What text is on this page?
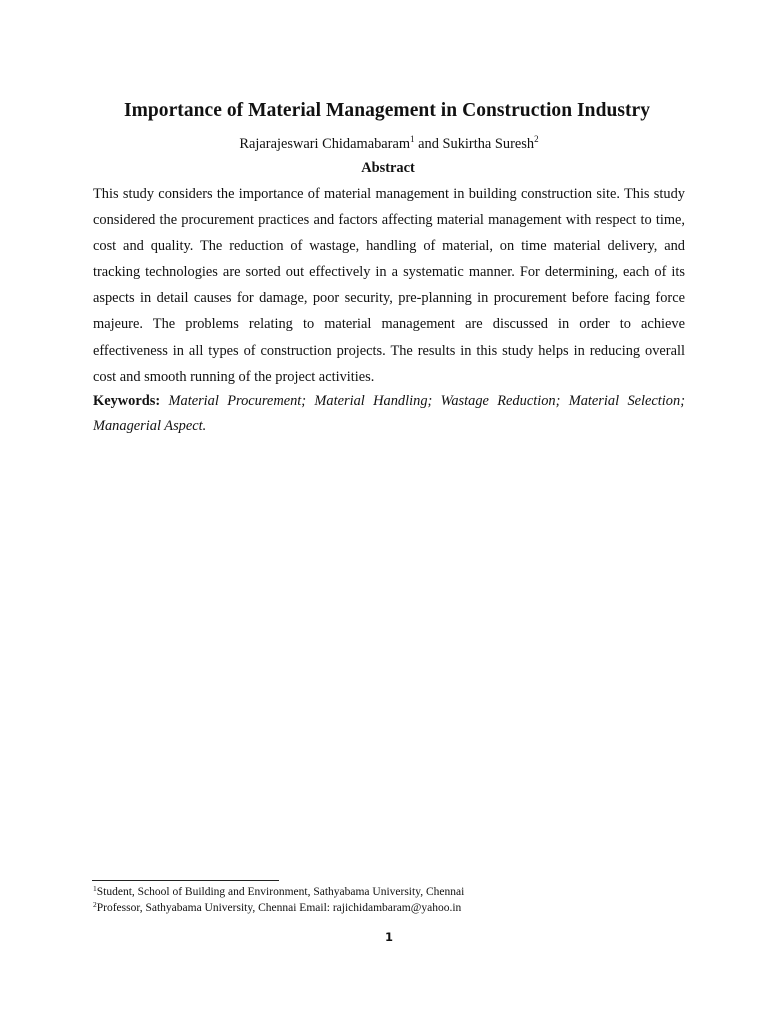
Importance of Material Management in Construction Industry
Rajarajeswari Chidamabaram$^1$ and Sukirtha Suresh$^2$
Abstract

This study considers the importance of material management in building construction site. This study considered the procurement practices and factors affecting material management with respect to time, cost and quality. The reduction of wastage, handling of material, on time material delivery, and tracking technologies are sorted out effectively in a systematic manner. For determining, each of its aspects in detail causes for damage, poor security, pre-planning in procurement before facing force majeure. The problems relating to material management are discussed in order to achieve effectiveness in all types of construction projects. The results in this study helps in reducing overall cost and smooth running of the project activities.

Keywords: Material Procurement; Material Handling; Wastage Reduction; Material Selection; Managerial Aspect.

$^1$Student, School of Building and Environment, Sathyabama University, Chennai
$^2$Professor, Sathyabama University, Chennai Email: rajichidambaram@yahoo.in
1
